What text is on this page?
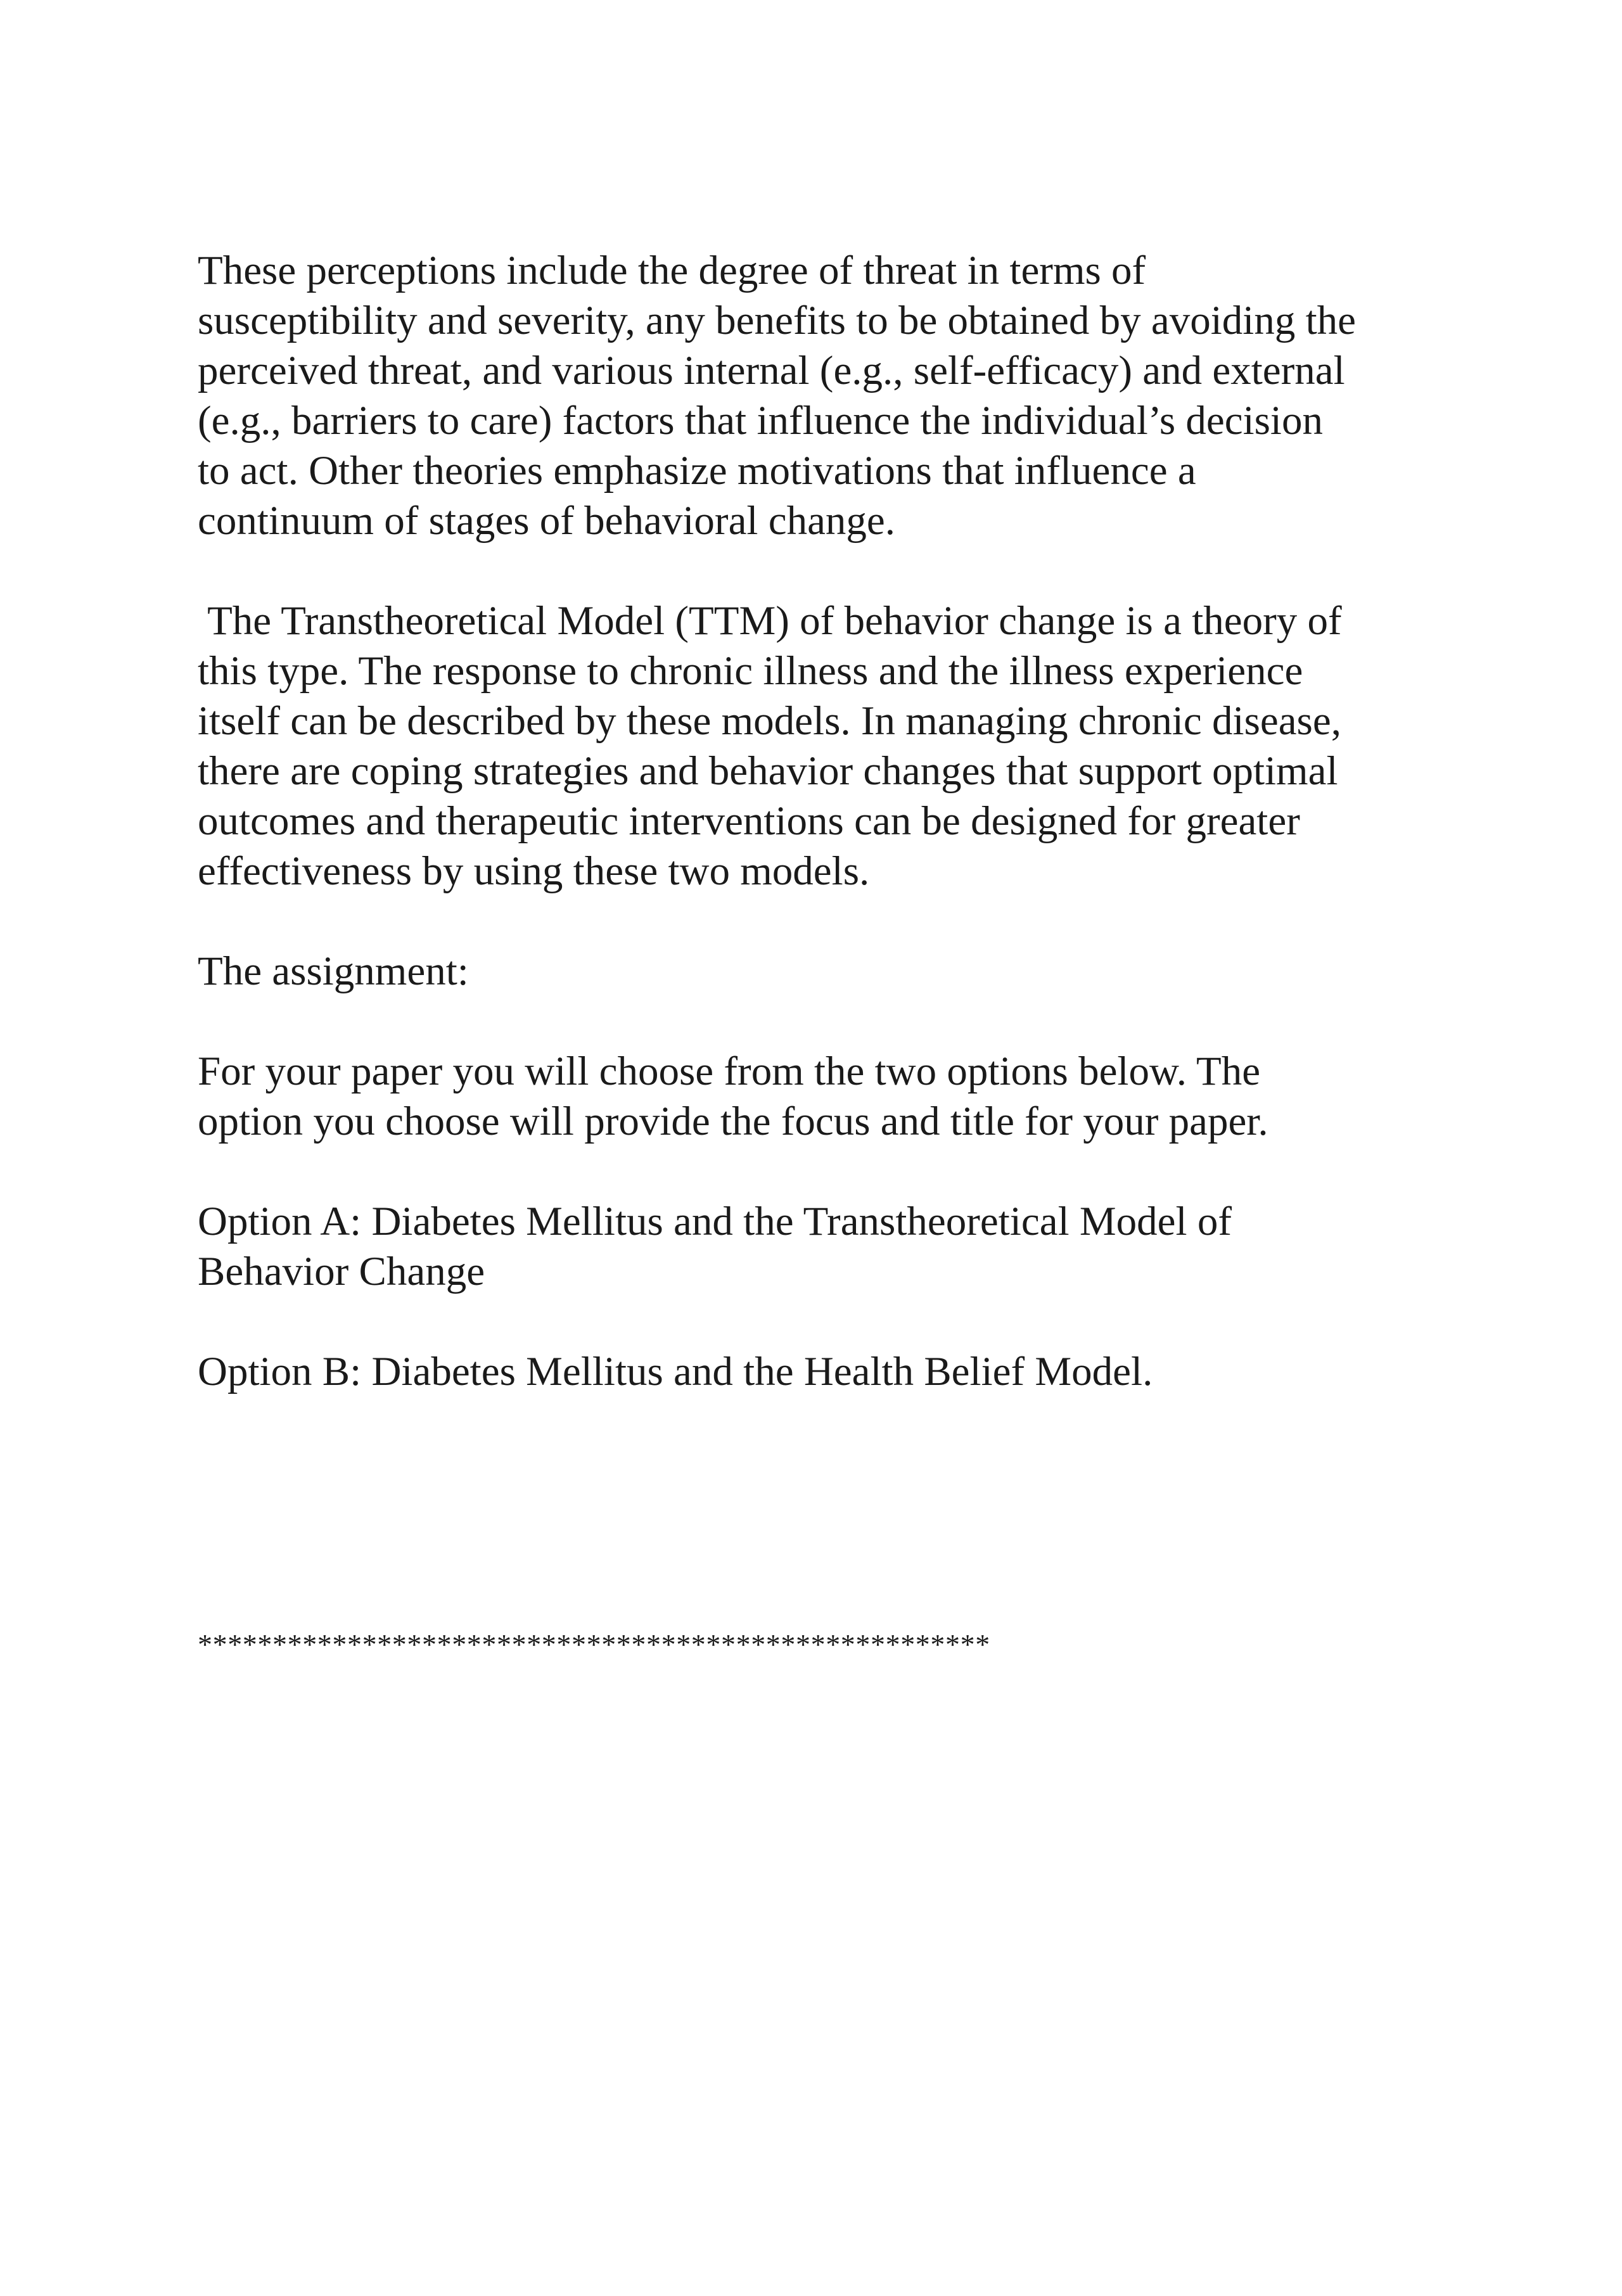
These perceptions include the degree of threat in terms of
susceptibility and severity, any benefits to be obtained by avoiding the
perceived threat, and various internal (e.g., self-efficacy) and external
(e.g., barriers to care) factors that influence the individual’s decision
to act. Other theories emphasize motivations that influence a
continuum of stages of behavioral change.
The Transtheoretical Model (TTM) of behavior change is a theory of
this type. The response to chronic illness and the illness experience
itself can be described by these models. In managing chronic disease,
there are coping strategies and behavior changes that support optimal
outcomes and therapeutic interventions can be designed for greater
effectiveness by using these two models.
The assignment:
For your paper you will choose from the two options below. The
option you choose will provide the focus and title for your paper.
Option A: Diabetes Mellitus and the Transtheoretical Model of
Behavior Change
Option B: Diabetes Mellitus and the Health Belief Model.
*****************************************************
